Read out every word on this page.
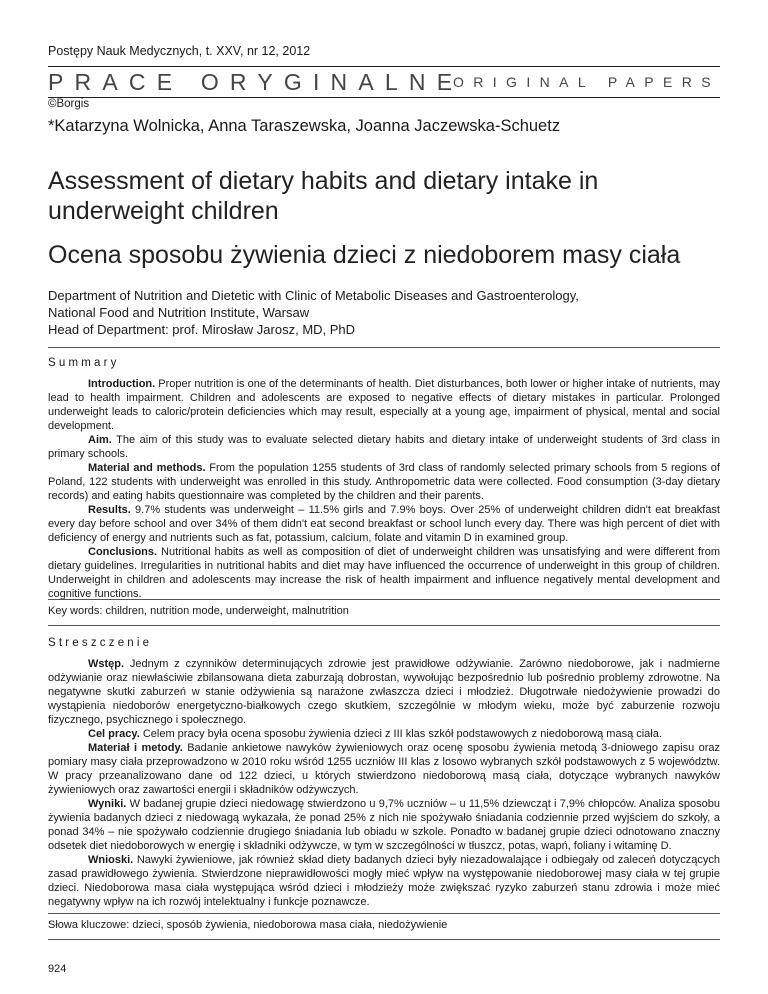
Postępy Nauk Medycznych, t. XXV, nr 12, 2012
PRACE ORYGINALNE
ORIGINAL PAPERS
©Borgis
*Katarzyna Wolnicka, Anna Taraszewska, Joanna Jaczewska-Schuetz
Assessment of dietary habits and dietary intake in underweight children
Ocena sposobu żywienia dzieci z niedoborem masy ciała
Department of Nutrition and Dietetic with Clinic of Metabolic Diseases and Gastroenterology,
National Food and Nutrition Institute, Warsaw
Head of Department: prof. Mirosław Jarosz, MD, PhD
Summary

Introduction. Proper nutrition is one of the determinants of health. Diet disturbances, both lower or higher intake of nutrients, may lead to health impairment. Children and adolescents are exposed to negative effects of dietary mistakes in particular. Prolonged underweight leads to caloric/protein deficiencies which may result, especially at a young age, impairment of physical, mental and social development.

Aim. The aim of this study was to evaluate selected dietary habits and dietary intake of underweight students of 3rd class in primary schools.

Material and methods. From the population 1255 students of 3rd class of randomly selected primary schools from 5 regions of Poland, 122 students with underweight was enrolled in this study. Anthropometric data were collected. Food consumption (3-day dietary records) and eating habits questionnaire was completed by the children and their parents.

Results. 9.7% students was underweight – 11.5% girls and 7.9% boys. Over 25% of underweight children didn't eat breakfast every day before school and over 34% of them didn't eat second breakfast or school lunch every day. There was high percent of diet with deficiency of energy and nutrients such as fat, potassium, calcium, folate and vitamin D in examined group.

Conclusions. Nutritional habits as well as composition of diet of underweight children was unsatisfying and were different from dietary guidelines. Irregularities in nutritional habits and diet may have influenced the occurrence of underweight in this group of children. Underweight in children and adolescents may increase the risk of health impairment and influence negatively mental development and cognitive functions.

Key words: children, nutrition mode, underweight, malnutrition
Streszczenie

Wstęp. Jednym z czynników determinujących zdrowie jest prawidłowe odżywianie. Zarówno niedoborowe, jak i nadmierne odżywianie oraz niewłaściwie zbilansowana dieta zaburzają dobrostan, wywołując bezpośrednio lub pośrednio problemy zdrowotne. Na negatywne skutki zaburzeń w stanie odżywienia są narażone zwłaszcza dzieci i młodzież. Długotrwałe niedożywienie prowadzi do wystąpienia niedoborów energetyczno-białkowych czego skutkiem, szczególnie w młodym wieku, może być zaburzenie rozwoju fizycznego, psychicznego i społecznego.

Cel pracy. Celem pracy była ocena sposobu żywienia dzieci z III klas szkół podstawowych z niedoborową masą ciała.

Materiał i metody. Badanie ankietowe nawyków żywieniowych oraz ocenę sposobu żywienia metodą 3-dniowego zapisu oraz pomiary masy ciała przeprowadzono w 2010 roku wśród 1255 uczniów III klas z losowo wybranych szkół podstawowych z 5 województw. W pracy przeanalizowano dane od 122 dzieci, u których stwierdzono niedoborową masą ciała, dotyczące wybranych nawyków żywieniowych oraz zawartości energii i składników odżywczych.

Wyniki. W badanej grupie dzieci niedowagę stwierdzono u 9,7% uczniów – u 11,5% dziewcząt i 7,9% chłopców. Analiza sposobu żywienia badanych dzieci z niedowagą wykazała, że ponad 25% z nich nie spożywało śniadania codziennie przed wyjściem do szkoły, a ponad 34% – nie spożywało codziennie drugiego śniadania lub obiadu w szkole. Ponadto w badanej grupie dzieci odnotowano znaczny odsetek diet niedoborowych w energię i składniki odżywcze, w tym w szczególności w tłuszcz, potas, wapń, foliany i witaminę D.

Wnioski. Nawyki żywieniowe, jak również skład diety badanych dzieci były niezadowalające i odbiegały od zaleceń dotyczących zasad prawidłowego żywienia. Stwierdzone nieprawidłowości mogły mieć wpływ na występowanie niedoborowej masy ciała w tej grupie dzieci. Niedoborowa masa ciała występująca wśród dzieci i młodzieży może zwiększać ryzyko zaburzeń stanu zdrowia i może mieć negatywny wpływ na ich rozwój intelektualny i funkcje poznawcze.

Słowa kluczowe: dzieci, sposób żywienia, niedoborowa masa ciała, niedożywienie
924
